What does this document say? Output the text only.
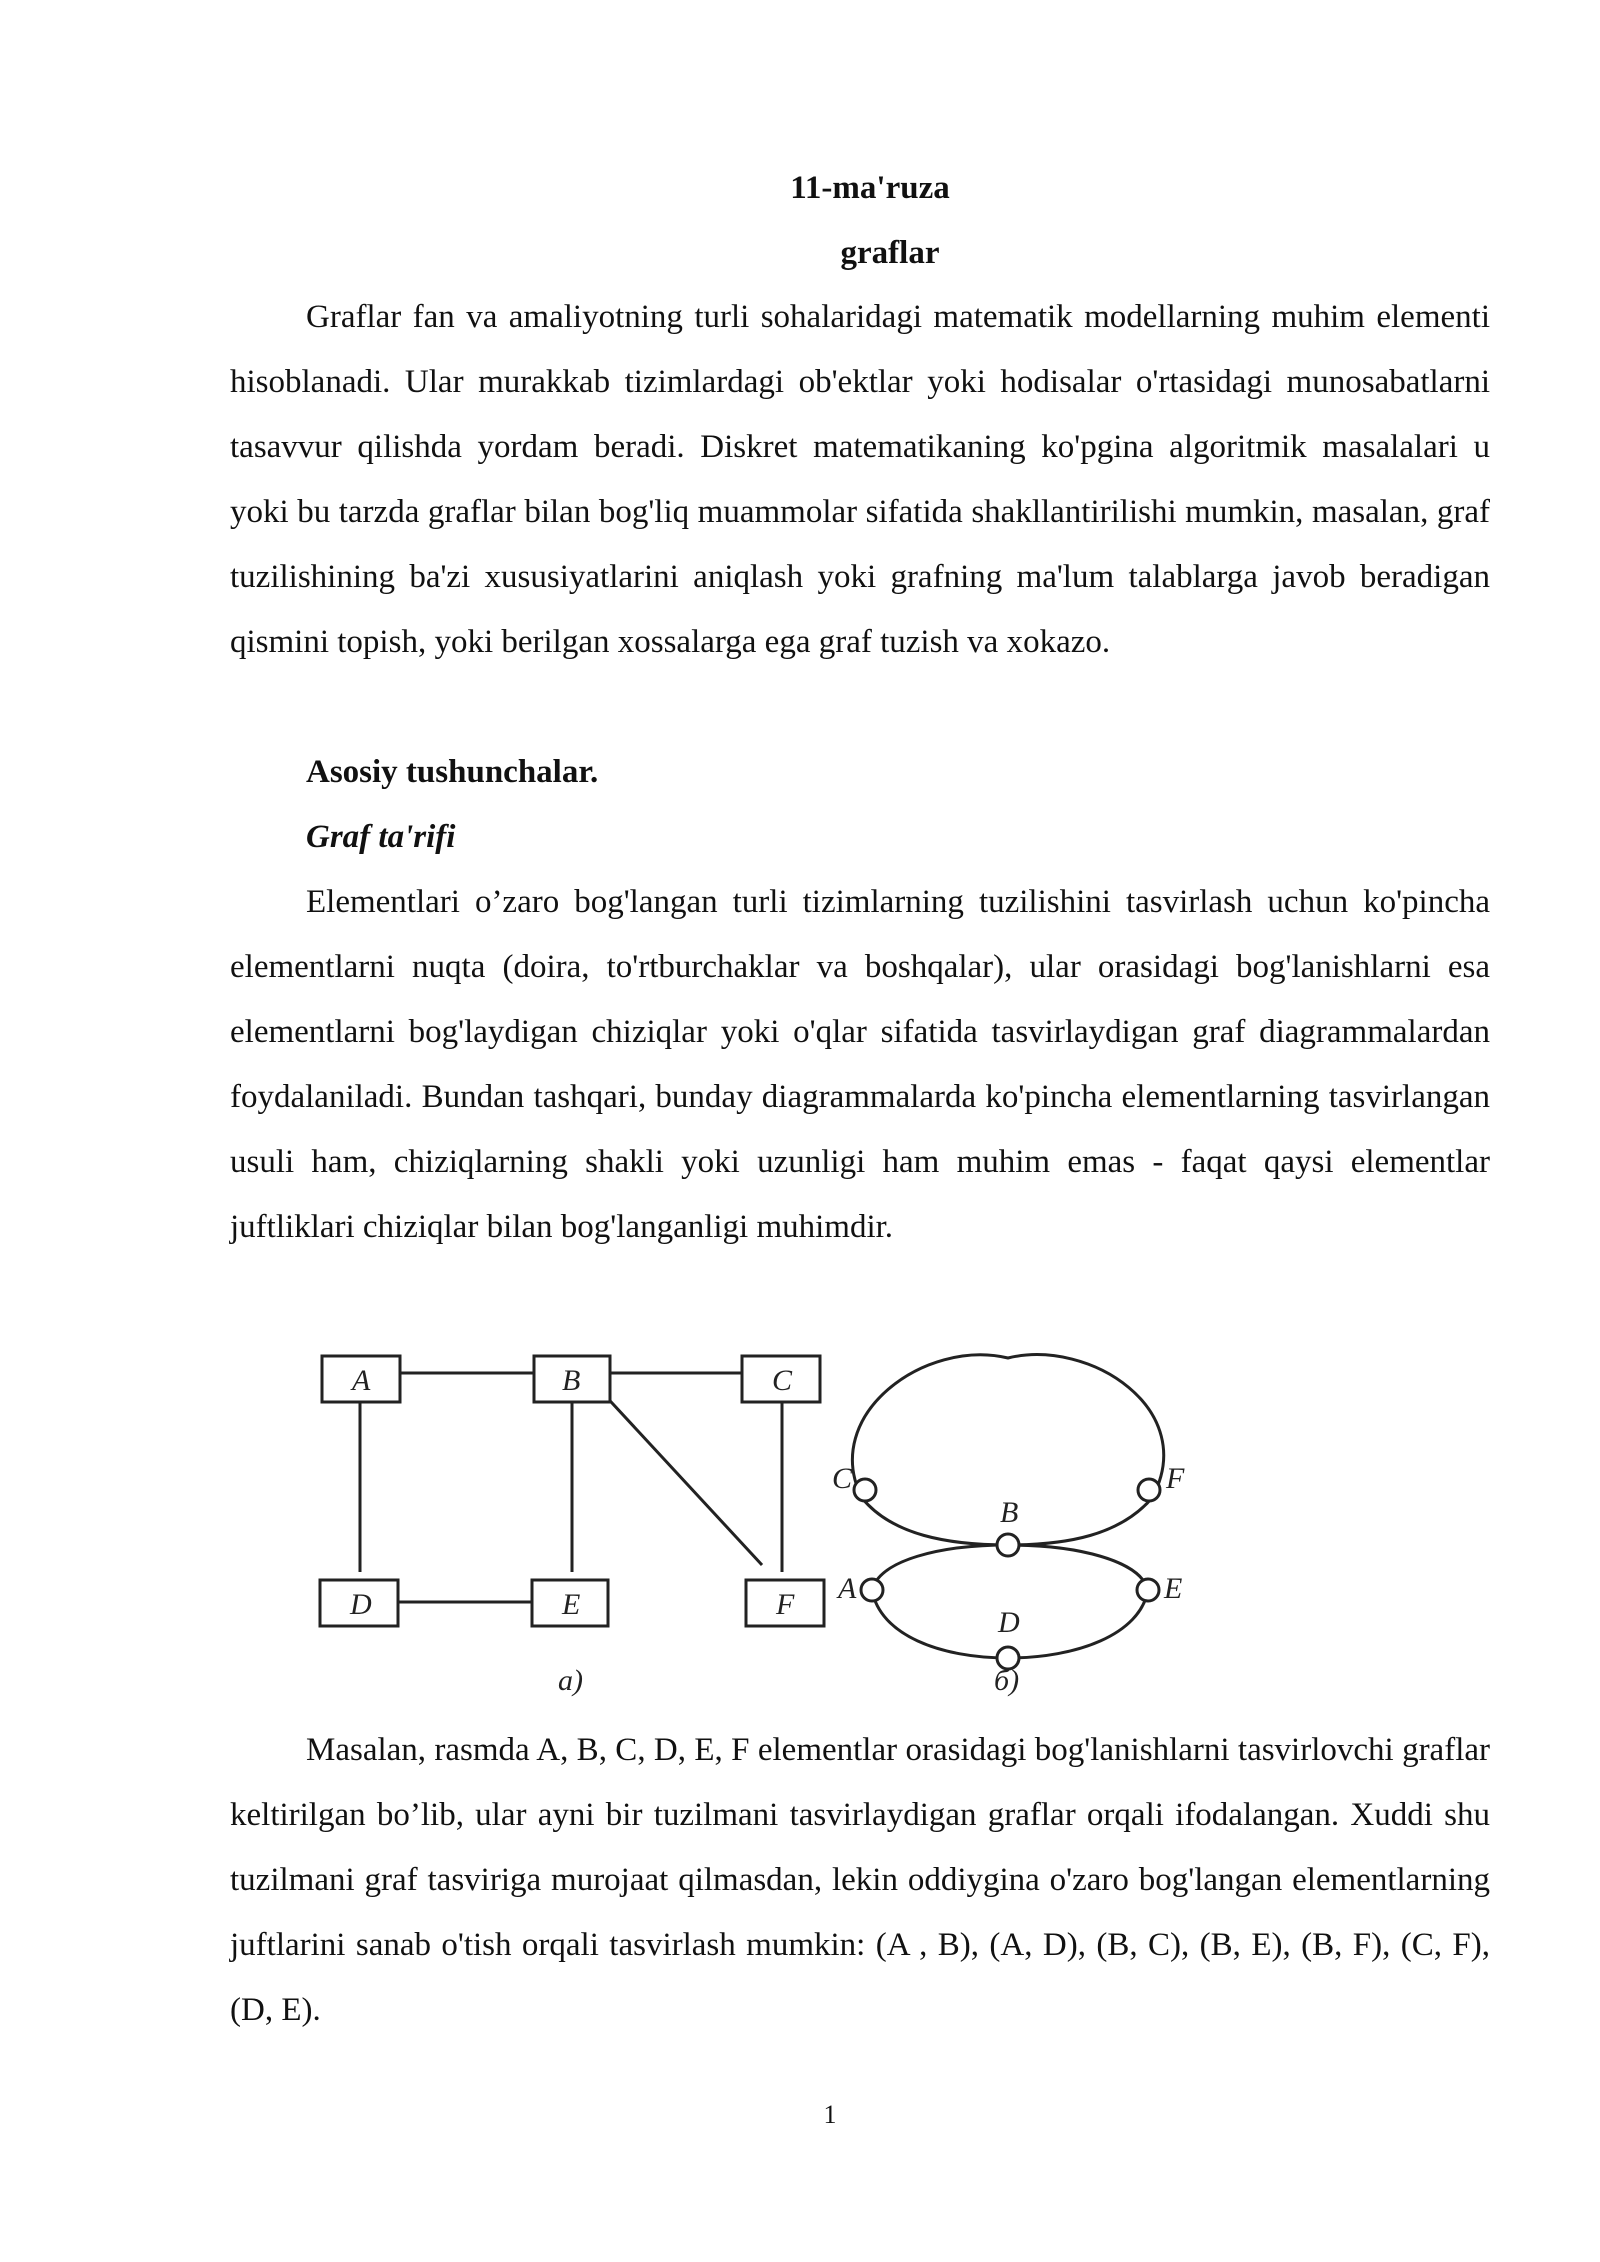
11-ma'ruza
graflar

Graflar fan va amaliyotning turli sohalaridagi matematik modellarning muhim elementi hisoblanadi. Ular murakkab tizimlardagi ob'ektlar yoki hodisalar o'rtasidagi munosabatlarni tasavvur qilishda yordam beradi. Diskret matematikaning ko'pgina algoritmik masalalari u yoki bu tarzda graflar bilan bog'liq muammolar sifatida shakllantirilishi mumkin, masalan, graf tuzilishining ba'zi xususiyatlarini aniqlash yoki grafning ma'lum talablarga javob beradigan qismini topish, yoki berilgan xossalarga ega graf tuzish va xokazo.

Asosiy tushunchalar.
Graf ta'rifi

Elementlari o’zaro bog'langan turli tizimlarning tuzilishini tasvirlash uchun ko'pincha elementlarni nuqta (doira, to'rtburchaklar va boshqalar), ular orasidagi bog'lanishlarni esa elementlarni bog'laydigan chiziqlar yoki o'qlar sifatida tasvirlaydigan graf diagrammalardan foydalaniladi. Bundan tashqari, bunday diagrammalarda ko'pincha elementlarning tasvirlangan usuli ham, chiziqlarning shakli yoki uzunligi ham muhim emas - faqat qaysi elementlar juftliklari chiziqlar bilan bog'langanligi muhimdir.

A	B	C
D	E	F
a)
C	F
B
A	E
D
б)

Masalan, rasmda A, B, C, D, E, F elementlar orasidagi bog'lanishlarni tasvirlovchi graflar keltirilgan bo’lib, ular ayni bir tuzilmani tasvirlaydigan graflar orqali ifodalangan. Xuddi shu tuzilmani graf tasviriga murojaat qilmasdan, lekin oddiygina o'zaro bog'langan elementlarning juftlarini sanab o'tish orqali tasvirlash mumkin: (A , B), (A, D), (B, C), (B, E), (B, F), (C, F), (D, E).

1
